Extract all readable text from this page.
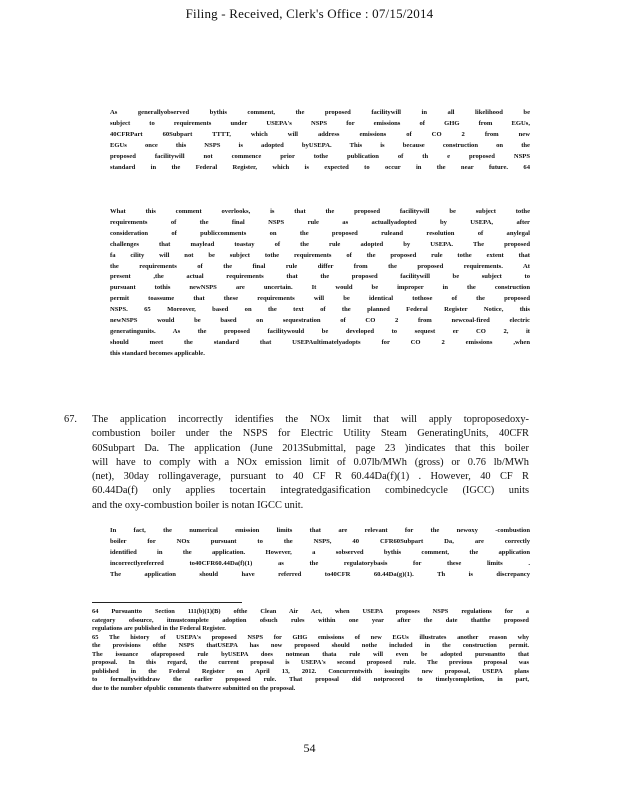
Filing - Received, Clerk's Office : 07/15/2014
As generallyobserved bythis comment, the proposed facilitywill in all likelihood be
subject to requirements under USEPA's NSPS for emissions of GHG from EGUs,
40CFRPart 60Subpart TTTT, which will address emissions of CO 2 from new
EGUs once this NSPS is adopted byUSEPA. This is because construction on the
proposed facilitywill not commence prior tothe publication of th e proposed NSPS
standard in the Federal Register, which is expected to occur in the near future. 64
What this comment overlooks, is that the proposed facilitywill be subject tothe
requirements of the final NSPS rule as actuallyadopted by USEPA, after
consideration of publiccomments on the proposed ruleand resolution of anylegal
challenges that maylead toastay of the rule adopted by USEPA. The proposed
fa cility will not be subject tothe requirements of the proposed rule tothe extent that
the requirements of the final rule differ from the proposed requirements. At
present ,the actual requirements that the proposed facilitywill be subject to
pursuant tothis newNSPS are uncertain. It would be improper in the construction
permit toassume that these requirements will be identical tothose of the proposed
NSPS. 65 Moreover, based on the text of the planned Federal Register Notice, this
newNSPS would be based on sequestration of CO 2 from newcoal-fired electric
generatingunits. As the proposed facilitywould be developed to sequest er CO 2, it
should meet the standard that USEPAultimatelyadopts for CO 2 emissions ,when
this standard becomes applicable.
67. The application incorrectly identifies the NOx limit that will apply toproposedoxy-
combustion boiler under the NSPS for Electric Utility Steam GeneratingUnits, 40CFR
60Subpart Da. The application (June 2013Submittal, page 23 )indicates that this boiler
will have to comply with a NOx emission limit of 0.07lb/MWh (gross) or 0.76 lb/MWh
(net), 30day rollingaverage, pursuant to 40 CF R 60.44Da(f)(1) . However, 40 CF R
60.44Da(f) only applies tocertain integratedgasification combinedcycle (IGCC) units
and the oxy-combustion boiler is notan IGCC unit.
In fact, the numerical emission limits that are relevant for the newoxy -combustion
boiler for NOx pursuant to the NSPS, 40 CFR60Subpart Da, are correctly
identified in the application. However, a sobserved bythis comment, the application
incorrectlyreferred to40CFR60.44Da(f)(1) as the regulatorybasis for these limits .
The application should have referred to40CFR 60.44Da(g)(1). Th is discrepancy
64 Pursuantto Section 111(b)(1)(B) ofthe Clean Air Act, when USEPA proposes NSPS regulations for a
category ofsource, itmustcomplete adoption ofsuch rules within one year after the date thatthe proposed
regulations are published in the Federal Register.
65 The history of USEPA's proposed NSPS for GHG emissions of new EGUs illustrates another reason why
the provisions ofthe NSPS thatUSEPA has now proposed should nothe included in the construction permit.
The issuance ofaproposed rule byUSEPA does notmean thata rule will even be adopted pursuantto that
proposal. In this regard, the current proposal is USEPA's second proposed rule. The previous proposal was
published in the Federal Register on April 13, 2012. Concurrentwith issuingits new proposal, USEPA plans
to formallywithdraw the earlier proposed rule. That proposal did notproceed to timelycompletion, in part,
due to the number ofpublic comments thatwere submitted on the proposal.
54
